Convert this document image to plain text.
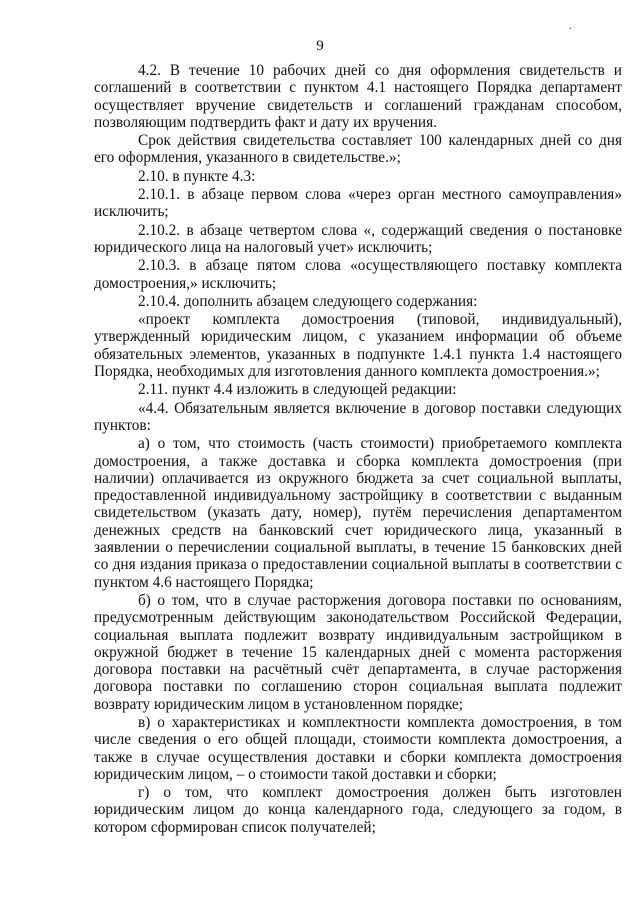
.
9

4.2. В течение 10 рабочих дней со дня оформления свидетельств и соглашений в соответствии с пунктом 4.1 настоящего Порядка департамент осуществляет вручение свидетельств и соглашений гражданам способом, позволяющим подтвердить факт и дату их вручения.

Срок действия свидетельства составляет 100 календарных дней со дня его оформления, указанного в свидетельстве.»;

2.10. в пункте 4.3:

2.10.1. в абзаце первом слова «через орган местного самоуправления» исключить;

2.10.2. в абзаце четвертом слова «, содержащий сведения о постановке юридического лица на налоговый учет» исключить;

2.10.3. в абзаце пятом слова «осуществляющего поставку комплекта домостроения,» исключить;

2.10.4. дополнить абзацем следующего содержания:

«проект комплекта домостроения (типовой, индивидуальный), утвержденный юридическим лицом, с указанием информации об объеме обязательных элементов, указанных в подпункте 1.4.1 пункта 1.4 настоящего Порядка, необходимых для изготовления данного комплекта домостроения.»;

2.11. пункт 4.4 изложить в следующей редакции:

«4.4. Обязательным является включение в договор поставки следующих пунктов:

а) о том, что стоимость (часть стоимости) приобретаемого комплекта домостроения, а также доставка и сборка комплекта домостроения (при наличии) оплачивается из окружного бюджета за счет социальной выплаты, предоставленной индивидуальному застройщику в соответствии с выданным свидетельством (указать дату, номер), путём перечисления департаментом денежных средств на банковский счет юридического лица, указанный в заявлении о перечислении социальной выплаты, в течение 15 банковских дней со дня издания приказа о предоставлении социальной выплаты в соответствии с пунктом 4.6 настоящего Порядка;

б) о том, что в случае расторжения договора поставки по основаниям, предусмотренным действующим законодательством Российской Федерации, социальная выплата подлежит возврату индивидуальным застройщиком в окружной бюджет в течение 15 календарных дней с момента расторжения договора поставки на расчётный счёт департамента, в случае расторжения договора поставки по соглашению сторон социальная выплата подлежит возврату юридическим лицом в установленном порядке;

в) о характеристиках и комплектности комплекта домостроения, в том числе сведения о его общей площади, стоимости комплекта домостроения, а также в случае осуществления доставки и сборки комплекта домостроения юридическим лицом, – о стоимости такой доставки и сборки;

г) о том, что комплект домостроения должен быть изготовлен юридическим лицом до конца календарного года, следующего за годом, в котором сформирован список получателей;
